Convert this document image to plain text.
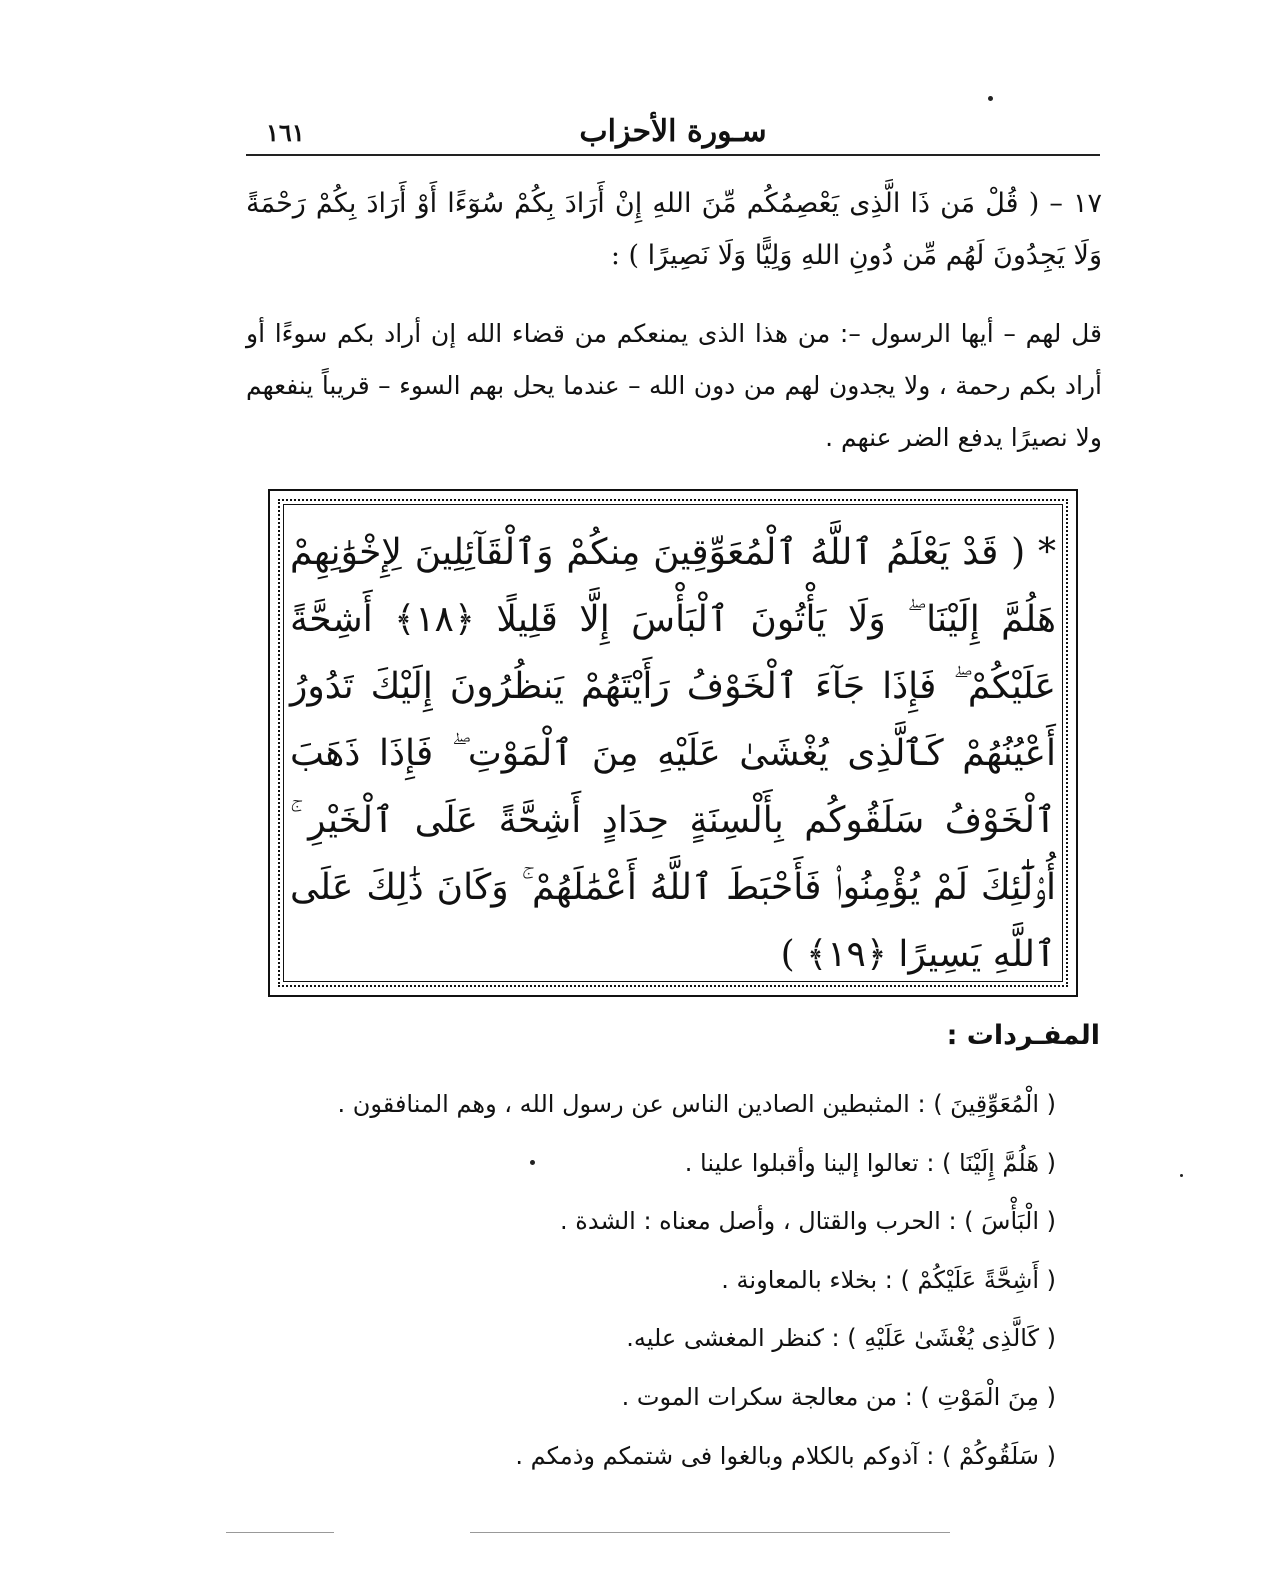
١٦١	سـورة الأحزاب

١٧ – ( قُلْ مَن ذَا الَّذِى يَعْصِمُكُم مِّنَ اللهِ إِنْ أَرَادَ بِكُمْ سُوٓءًا أَوْ أَرَادَ بِكُمْ رَحْمَةً وَلَا يَجِدُونَ لَهُم مِّن دُونِ اللهِ وَلِيًّا وَلَا نَصِيرًا ) :

قل لهم – أيها الرسول –: من هذا الذى يمنعكم من قضاء الله إن أراد بكم سوءًا أو أراد بكم رحمة ، ولا يجدون لهم من دون الله – عندما يحل بهم السوء – قريباً ينفعهم ولا نصيرًا يدفع الضر عنهم .

* ( قَدْ يَعْلَمُ ٱللَّهُ ٱلْمُعَوِّقِينَ مِنكُمْ وَٱلْقَآئِلِينَ لِإِخْوَٰنِهِمْ هَلُمَّ إِلَيْنَا ۖ وَلَا يَأْتُونَ ٱلْبَأْسَ إِلَّا قَلِيلًا ﴿١٨﴾ أَشِحَّةً عَلَيْكُمْ ۖ فَإِذَا جَآءَ ٱلْخَوْفُ رَأَيْتَهُمْ يَنظُرُونَ إِلَيْكَ تَدُورُ أَعْيُنُهُمْ كَٱلَّذِى يُغْشَىٰ عَلَيْهِ مِنَ ٱلْمَوْتِ ۖ فَإِذَا ذَهَبَ ٱلْخَوْفُ سَلَقُوكُم بِأَلْسِنَةٍ حِدَادٍ أَشِحَّةً عَلَى ٱلْخَيْرِ ۚ أُو۟لَٰٓئِكَ لَمْ يُؤْمِنُوا۟ فَأَحْبَطَ ٱللَّهُ أَعْمَٰلَهُمْ ۚ وَكَانَ ذَٰلِكَ عَلَى ٱللَّهِ يَسِيرًا ﴿١٩﴾ )

المفـردات :
( الْمُعَوِّقِينَ ) : المثبطين الصادين الناس عن رسول الله ، وهم المنافقون .
( هَلُمَّ إِلَيْنَا ) : تعالوا إلينا وأقبلوا علينا .
( الْبَأْسَ ) : الحرب والقتال ، وأصل معناه : الشدة .
( أَشِحَّةً عَلَيْكُمْ ) : بخلاء بالمعاونة .
( كَالَّذِى يُغْشَىٰ عَلَيْهِ ) : كنظر المغشى عليه.
( مِنَ الْمَوْتِ ) : من معالجة سكرات الموت .
( سَلَقُوكُمْ ) : آذوكم بالكلام وبالغوا فى شتمكم وذمكم .
